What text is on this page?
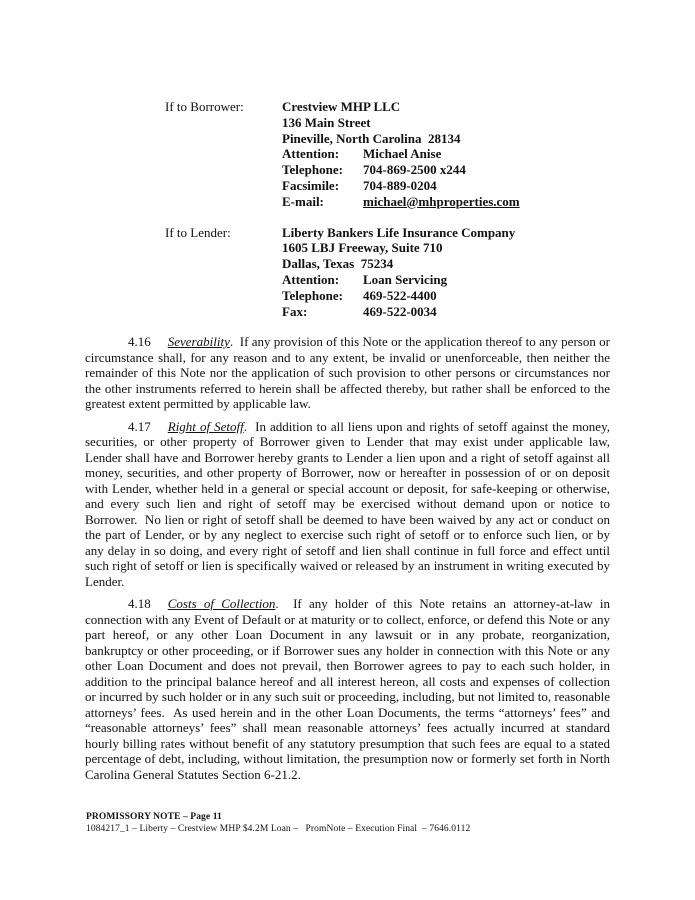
If to Borrower:	Crestview MHP LLC
136 Main Street
Pineville, North Carolina  28134
Attention: Michael Anise
Telephone: 704-869-2500 x244
Facsimile: 704-889-0204
E-mail:	michael@mhproperties.com
If to Lender:	Liberty Bankers Life Insurance Company
1605 LBJ Freeway, Suite 710
Dallas, Texas  75234
Attention: Loan Servicing
Telephone: 469-522-4400
Fax:	469-522-0034

4.16 Severability.  If any provision of this Note or the application thereof to any person or circumstance shall, for any reason and to any extent, be invalid or unenforceable, then neither the remainder of this Note nor the application of such provision to other persons or circumstances nor the other instruments referred to herein shall be affected thereby, but rather shall be enforced to the greatest extent permitted by applicable law.

4.17 Right of Setoff.  In addition to all liens upon and rights of setoff against the money, securities, or other property of Borrower given to Lender that may exist under applicable law, Lender shall have and Borrower hereby grants to Lender a lien upon and a right of setoff against all money, securities, and other property of Borrower, now or hereafter in possession of or on deposit with Lender, whether held in a general or special account or deposit, for safe-keeping or otherwise, and every such lien and right of setoff may be exercised without demand upon or notice to Borrower.  No lien or right of setoff shall be deemed to have been waived by any act or conduct on the part of Lender, or by any neglect to exercise such right of setoff or to enforce such lien, or by any delay in so doing, and every right of setoff and lien shall continue in full force and effect until such right of setoff or lien is specifically waived or released by an instrument in writing executed by Lender.

4.18 Costs of Collection.  If any holder of this Note retains an attorney-at-law in connection with any Event of Default or at maturity or to collect, enforce, or defend this Note or any part hereof, or any other Loan Document in any lawsuit or in any probate, reorganization, bankruptcy or other proceeding, or if Borrower sues any holder in connection with this Note or any other Loan Document and does not prevail, then Borrower agrees to pay to each such holder, in addition to the principal balance hereof and all interest hereon, all costs and expenses of collection or incurred by such holder or in any such suit or proceeding, including, but not limited to, reasonable attorneys’ fees.  As used herein and in the other Loan Documents, the terms “attorneys’ fees” and “reasonable attorneys’ fees” shall mean reasonable attorneys’ fees actually incurred at standard hourly billing rates without benefit of any statutory presumption that such fees are equal to a stated percentage of debt, including, without limitation, the presumption now or formerly set forth in North Carolina General Statutes Section 6-21.2.

PROMISSORY NOTE – Page 11
1084217_1 – Liberty – Crestview MHP $4.2M Loan –   PromNote – Execution Final  – 7646.0112
